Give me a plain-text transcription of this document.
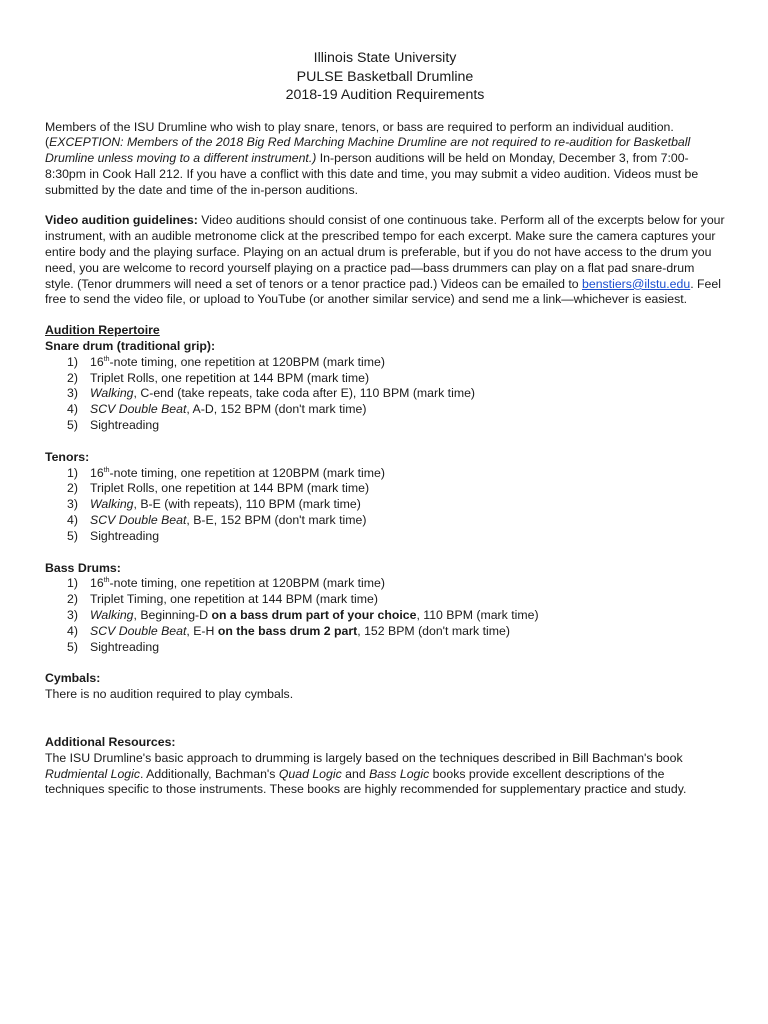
Illinois State University
PULSE Basketball Drumline
2018-19 Audition Requirements

Members of the ISU Drumline who wish to play snare, tenors, or bass are required to perform an individual audition. (EXCEPTION: Members of the 2018 Big Red Marching Machine Drumline are not required to re-audition for Basketball Drumline unless moving to a different instrument.) In-person auditions will be held on Monday, December 3, from 7:00-8:30pm in Cook Hall 212. If you have a conflict with this date and time, you may submit a video audition. Videos must be submitted by the date and time of the in-person auditions.

Video audition guidelines: Video auditions should consist of one continuous take. Perform all of the excerpts below for your instrument, with an audible metronome click at the prescribed tempo for each excerpt. Make sure the camera captures your entire body and the playing surface. Playing on an actual drum is preferable, but if you do not have access to the drum you need, you are welcome to record yourself playing on a practice pad—bass drummers can play on a flat pad snare-drum style. (Tenor drummers will need a set of tenors or a tenor practice pad.) Videos can be emailed to benstiers@ilstu.edu. Feel free to send the video file, or upload to YouTube (or another similar service) and send me a link—whichever is easiest.

Audition Repertoire
Snare drum (traditional grip):
1) 16th-note timing, one repetition at 120BPM (mark time)
2) Triplet Rolls, one repetition at 144 BPM (mark time)
3) Walking, C-end (take repeats, take coda after E), 110 BPM (mark time)
4) SCV Double Beat, A-D, 152 BPM (don't mark time)
5) Sightreading
Tenors:
1) 16th-note timing, one repetition at 120BPM (mark time)
2) Triplet Rolls, one repetition at 144 BPM (mark time)
3) Walking, B-E (with repeats), 110 BPM (mark time)
4) SCV Double Beat, B-E, 152 BPM (don't mark time)
5) Sightreading
Bass Drums:
1) 16th-note timing, one repetition at 120BPM (mark time)
2) Triplet Timing, one repetition at 144 BPM (mark time)
3) Walking, Beginning-D on a bass drum part of your choice, 110 BPM (mark time)
4) SCV Double Beat, E-H on the bass drum 2 part, 152 BPM (don't mark time)
5) Sightreading
Cymbals:
There is no audition required to play cymbals.
Additional Resources:

The ISU Drumline's basic approach to drumming is largely based on the techniques described in Bill Bachman's book Rudmiental Logic. Additionally, Bachman's Quad Logic and Bass Logic books provide excellent descriptions of the techniques specific to those instruments. These books are highly recommended for supplementary practice and study.
